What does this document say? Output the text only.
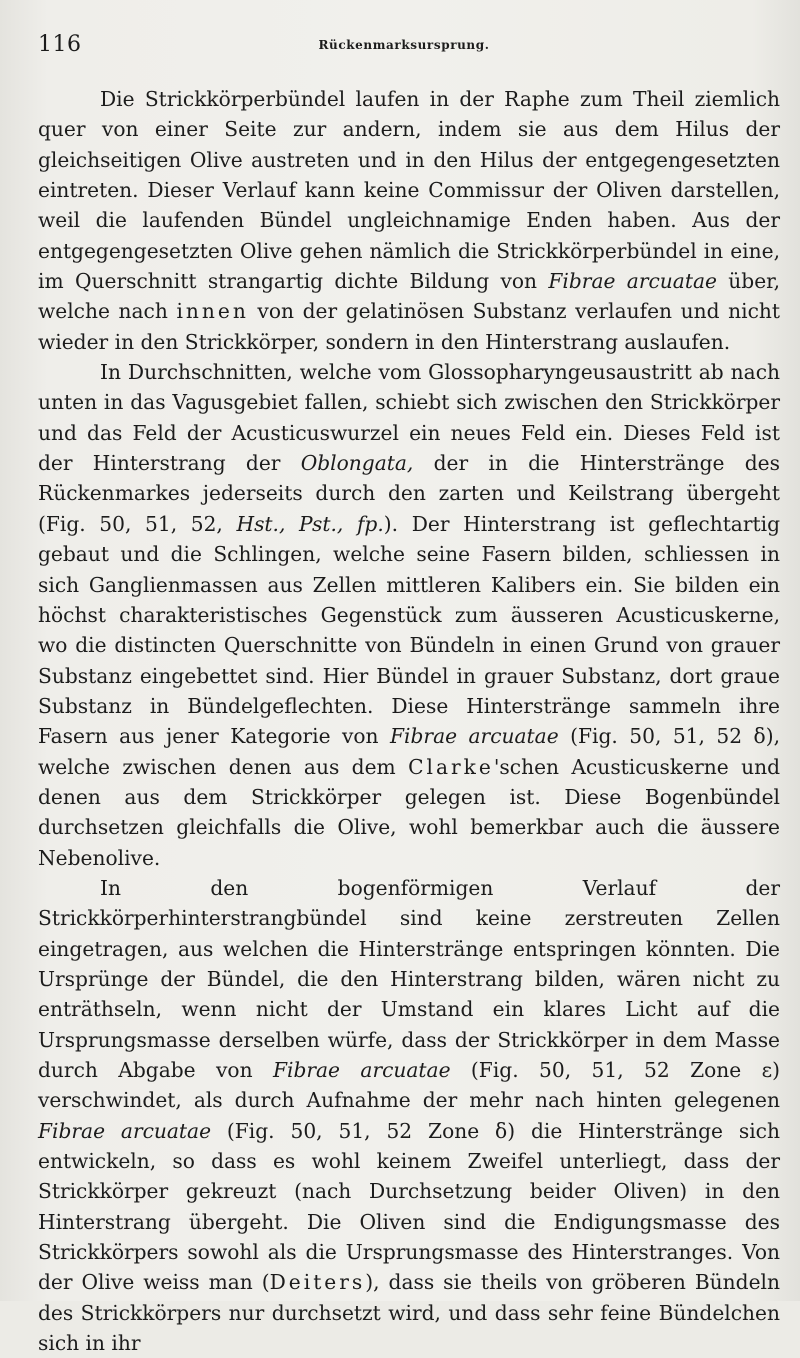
116	Rückenmarksursprung.

Die Strickkörperbündel laufen in der Raphe zum Theil ziemlich quer von einer Seite zur andern, indem sie aus dem Hilus der gleichseitigen Olive austreten und in den Hilus der entgegengesetzten eintreten. Dieser Verlauf kann keine Commissur der Oliven darstellen, weil die laufenden Bündel ungleichnamige Enden haben. Aus der entgegengesetzten Olive gehen nämlich die Strickkörperbündel in eine, im Querschnitt strangartig dichte Bildung von Fibrae arcuatae über, welche nach innen von der gelatinösen Substanz verlaufen und nicht wieder in den Strickkörper, sondern in den Hinterstrang auslaufen.

In Durchschnitten, welche vom Glossopharyngeusaustritt ab nach unten in das Vagusgebiet fallen, schiebt sich zwischen den Strickkörper und das Feld der Acusticuswurzel ein neues Feld ein. Dieses Feld ist der Hinterstrang der Oblongata, der in die Hinterstränge des Rückenmarkes jederseits durch den zarten und Keilstrang übergeht (Fig. 50, 51, 52, Hst., Pst., fp.). Der Hinterstrang ist geflechtartig gebaut und die Schlingen, welche seine Fasern bilden, schliessen in sich Ganglienmassen aus Zellen mittleren Kalibers ein. Sie bilden ein höchst charakteristisches Gegenstück zum äusseren Acusticuskerne, wo die distincten Querschnitte von Bündeln in einen Grund von grauer Substanz eingebettet sind. Hier Bündel in grauer Substanz, dort graue Substanz in Bündelgeflechten. Diese Hinterstränge sammeln ihre Fasern aus jener Kategorie von Fibrae arcuatae (Fig. 50, 51, 52 ẟ), welche zwischen denen aus dem Clarke'schen Acusticuskerne und denen aus dem Strickkörper gelegen ist. Diese Bogenbündel durchsetzen gleichfalls die Olive, wohl bemerkbar auch die äussere Nebenolive.

In den bogenförmigen Verlauf der Strickkörperhinterstrangbündel sind keine zerstreuten Zellen eingetragen, aus welchen die Hinterstränge entspringen könnten. Die Ursprünge der Bündel, die den Hinterstrang bilden, wären nicht zu enträthseln, wenn nicht der Umstand ein klares Licht auf die Ursprungsmasse derselben würfe, dass der Strickkörper in dem Masse durch Abgabe von Fibrae arcuatae (Fig. 50, 51, 52 Zone ε) verschwindet, als durch Aufnahme der mehr nach hinten gelegenen Fibrae arcuatae (Fig. 50, 51, 52 Zone ẟ) die Hinterstränge sich entwickeln, so dass es wohl keinem Zweifel unterliegt, dass der Strickkörper gekreuzt (nach Durchsetzung beider Oliven) in den Hinterstrang übergeht. Die Oliven sind die Endigungsmasse des Strickkörpers sowohl als die Ursprungsmasse des Hinterstranges. Von der Olive weiss man (Deiters), dass sie theils von gröberen Bündeln des Strickkörpers nur durchsetzt wird, und dass sehr feine Bündelchen sich in ihr
